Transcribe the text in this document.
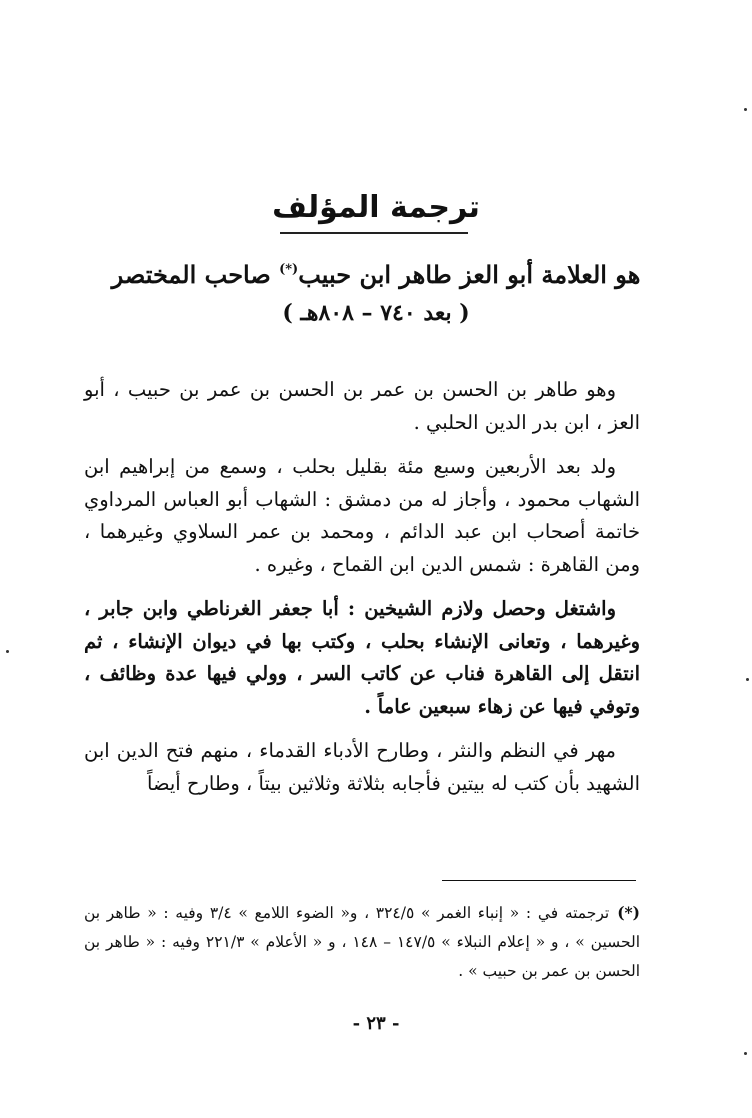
ترجمة المؤلف
هو العلامة أبو العز طاهر ابن حبيب(*) صاحب المختصر
( بعد ٧٤٠ – ٨٠٨هـ )

وهو طاهر بن الحسن بن عمر بن الحسن بن عمر بن حبيب ، أبو العز ، ابن بدر الدين الحلبي .

ولد بعد الأربعين وسبع مئة بقليل بحلب ، وسمع من إبراهيم ابن الشهاب محمود ، وأجاز له من دمشق : الشهاب أبو العباس المرداوي خاتمة أصحاب ابن عبد الدائم ، ومحمد بن عمر السلاوي وغيرهما ، ومن القاهرة : شمس الدين ابن القماح ، وغيره .

واشتغل وحصل ولازم الشيخين : أبا جعفر الغرناطي وابن جابر ، وغيرهما ، وتعانى الإنشاء بحلب ، وكتب بها في ديوان الإنشاء ، ثم انتقل إلى القاهرة فناب عن كاتب السر ، وولي فيها عدة وظائف ، وتوفي فيها عن زهاء سبعين عاماً .

مهر في النظم والنثر ، وطارح الأدباء القدماء ، منهم فتح الدين ابن الشهيد بأن كتب له بيتين فأجابه بثلاثة وثلاثين بيتاً ، وطارح أيضاً

(*)ترجمته في : « إنباء الغمر » ٣٢٤/٥ ، و« الضوء اللامع » ٣/٤ وفيه : « طاهر بن الحسين » ، و « إعلام النبلاء » ١٤٧/٥ – ١٤٨ ، و « الأعلام » ٢٢١/٣ وفيه : « طاهر بن الحسن بن عمر بن حبيب » .
- ٢٣ -
